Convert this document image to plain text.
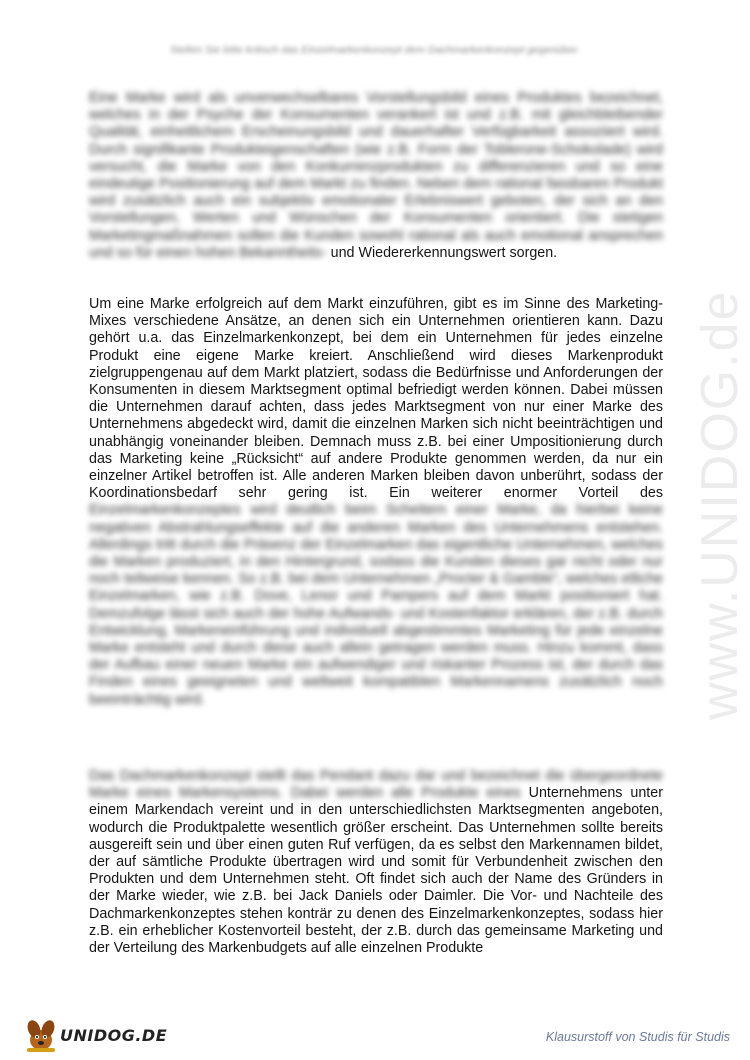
Stellen Sie bitte kritisch das Einzelmarkenkonzept dem Dachmarkenkonzept gegenüber.
Eine Marke wird als unverwechselbares Vorstellungsbild eines Produktes bezeichnet, welches in der Psyche der Konsumenten verankert ist und z.B. mit gleichbleibender Qualität, einheitlichem Erscheinungsbild und dauerhafter Verfügbarkeit assoziiert wird. Durch signifikante Produkteigenschaften (wie z.B. Form der Toblerone-Schokolade) wird versucht, die Marke von den Konkurrenzprodukten zu differenzieren und so eine eindeutige Positionierung auf dem Markt zu finden. Neben dem rational fassbaren Produkt wird zusätzlich auch ein subjektiv emotionaler Erlebniswert geboten, der sich an den Vorstellungen, Werten und Wünschen der Konsumenten orientiert. Die stetigen Marketingmaßnahmen sollen die Kunden sowohl rational als auch emotional ansprechen und so für einen hohen Bekanntheits- und Wiedererkennungswert sorgen.
Um eine Marke erfolgreich auf dem Markt einzuführen, gibt es im Sinne des Marketing-Mixes verschiedene Ansätze, an denen sich ein Unternehmen orientieren kann. Dazu gehört u.a. das Einzelmarkenkonzept, bei dem ein Unternehmen für jedes einzelne Produkt eine eigene Marke kreiert. Anschließend wird dieses Markenprodukt zielgruppengenau auf dem Markt platziert, sodass die Bedürfnisse und Anforderungen der Konsumenten in diesem Marktsegment optimal befriedigt werden können. Dabei müssen die Unternehmen darauf achten, dass jedes Marktsegment von nur einer Marke des Unternehmens abgedeckt wird, damit die einzelnen Marken sich nicht beeinträchtigen und unabhängig voneinander bleiben. Demnach muss z.B. bei einer Umpositionierung durch das Marketing keine „Rücksicht“ auf andere Produkte genommen werden, da nur ein einzelner Artikel betroffen ist. Alle anderen Marken bleiben davon unberührt, sodass der Koordinationsbedarf sehr gering ist. Ein weiterer enormer Vorteil des Einzelmarkenkonzeptes wird deutlich beim Scheitern einer Marke, da hierbei keine negativen Abstrahlungseffekte auf die anderen Marken des Unternehmens entstehen. Allerdings tritt durch die Präsenz der Einzelmarken das eigentliche Unternehmen, welches die Marken produziert, in den Hintergrund, sodass die Kunden dieses gar nicht oder nur noch teilweise kennen. So z.B. bei dem Unternehmen „Procter & Gamble“, welches etliche Einzelmarken, wie z.B. Dove, Lenor und Pampers auf dem Markt positioniert hat. Demzufolge lässt sich auch der hohe Aufwands- und Kostenfaktor erklären, der z.B. durch Entwicklung, Markeneinführung und individuell abgestimmtes Marketing für jede einzelne Marke entsteht und durch diese auch allein getragen werden muss. Hinzu kommt, dass der Aufbau einer neuen Marke ein aufwendiger und riskanter Prozess ist, der durch das Finden eines geeigneten und weltweit kompatiblen Markennamens zusätzlich noch beeinträchtig wird.
Das Dachmarkenkonzept stellt das Pendant dazu dar und bezeichnet die übergeordnete Marke eines Markensystems. Dabei werden alle Produkte eines Unternehmens unter einem Markendach vereint und in den unterschiedlichsten Marktsegmenten angeboten, wodurch die Produktpalette wesentlich größer erscheint. Das Unternehmen sollte bereits ausgereift sein und über einen guten Ruf verfügen, da es selbst den Markennamen bildet, der auf sämtliche Produkte übertragen wird und somit für Verbundenheit zwischen den Produkten und dem Unternehmen steht. Oft findet sich auch der Name des Gründers in der Marke wieder, wie z.B. bei Jack Daniels oder Daimler. Die Vor- und Nachteile des Dachmarkenkonzeptes stehen konträr zu denen des Einzelmarkenkonzeptes, sodass hier z.B. ein erheblicher Kostenvorteil besteht, der z.B. durch das gemeinsame Marketing und der Verteilung des Markenbudgets auf alle einzelnen Produkte
www.UNIDOG.de
UNIDOG.DE	Klausurstoff von Studis für Studis
